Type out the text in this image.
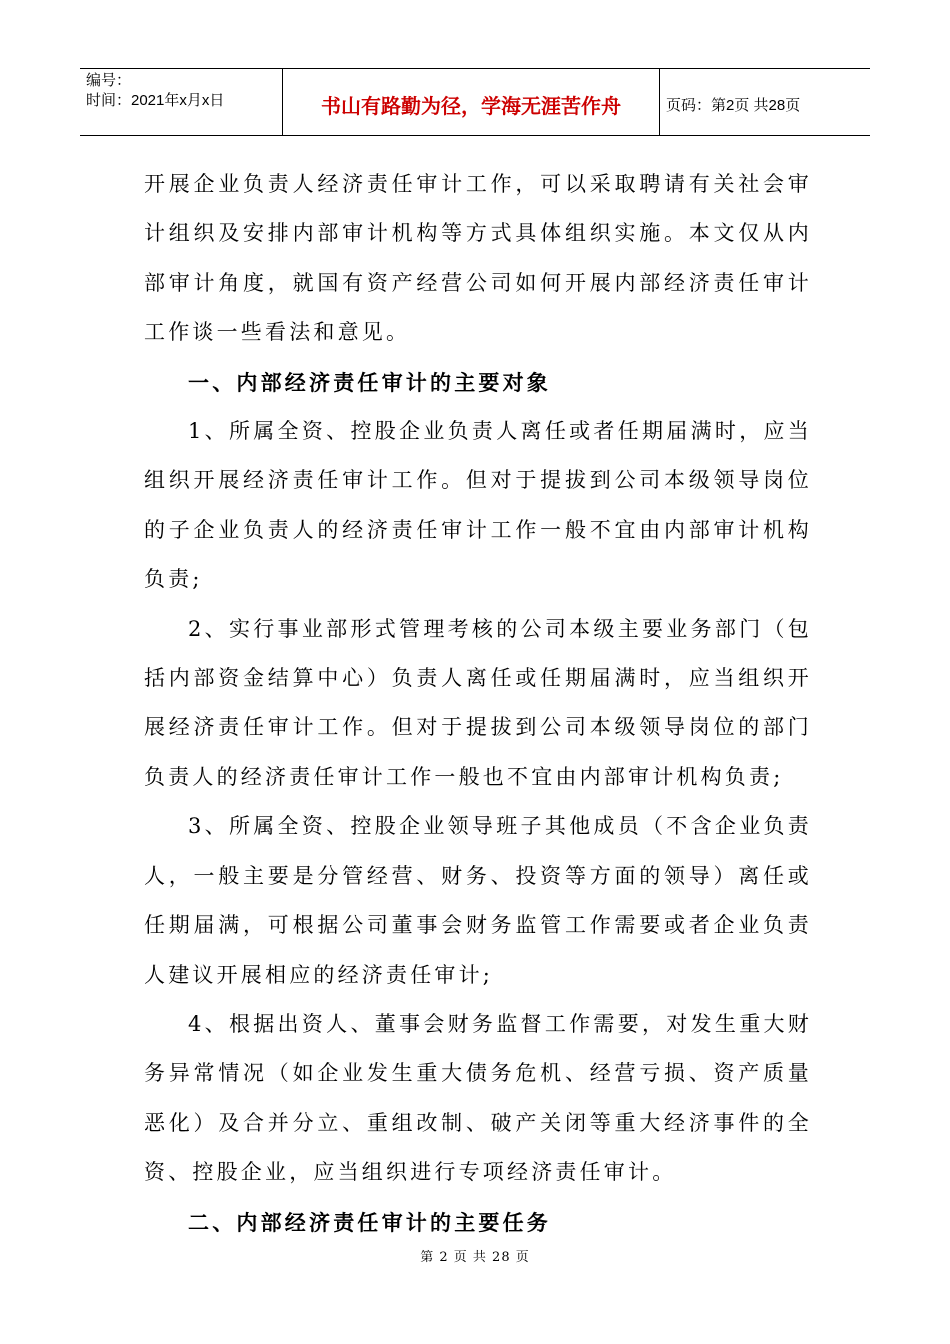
编号：
时间：2021年x月x日	书山有路勤为径，学海无涯苦作舟	页码：第2页 共28页

开展企业负责人经济责任审计工作，可以采取聘请有关社会审计组织及安排内部审计机构等方式具体组织实施。本文仅从内部审计角度，就国有资产经营公司如何开展内部经济责任审计工作谈一些看法和意见。

一、内部经济责任审计的主要对象

1、所属全资、控股企业负责人离任或者任期届满时，应当组织开展经济责任审计工作。但对于提拔到公司本级领导岗位的子企业负责人的经济责任审计工作一般不宜由内部审计机构负责;

2、实行事业部形式管理考核的公司本级主要业务部门（包括内部资金结算中心）负责人离任或任期届满时，应当组织开展经济责任审计工作。但对于提拔到公司本级领导岗位的部门负责人的经济责任审计工作一般也不宜由内部审计机构负责;

3、所属全资、控股企业领导班子其他成员（不含企业负责人，一般主要是分管经营、财务、投资等方面的领导）离任或任期届满，可根据公司董事会财务监管工作需要或者企业负责人建议开展相应的经济责任审计;

4、根据出资人、董事会财务监督工作需要，对发生重大财务异常情况（如企业发生重大债务危机、经营亏损、资产质量恶化）及合并分立、重组改制、破产关闭等重大经济事件的全资、控股企业，应当组织进行专项经济责任审计。

二、内部经济责任审计的主要任务

第 2 页 共 28 页
